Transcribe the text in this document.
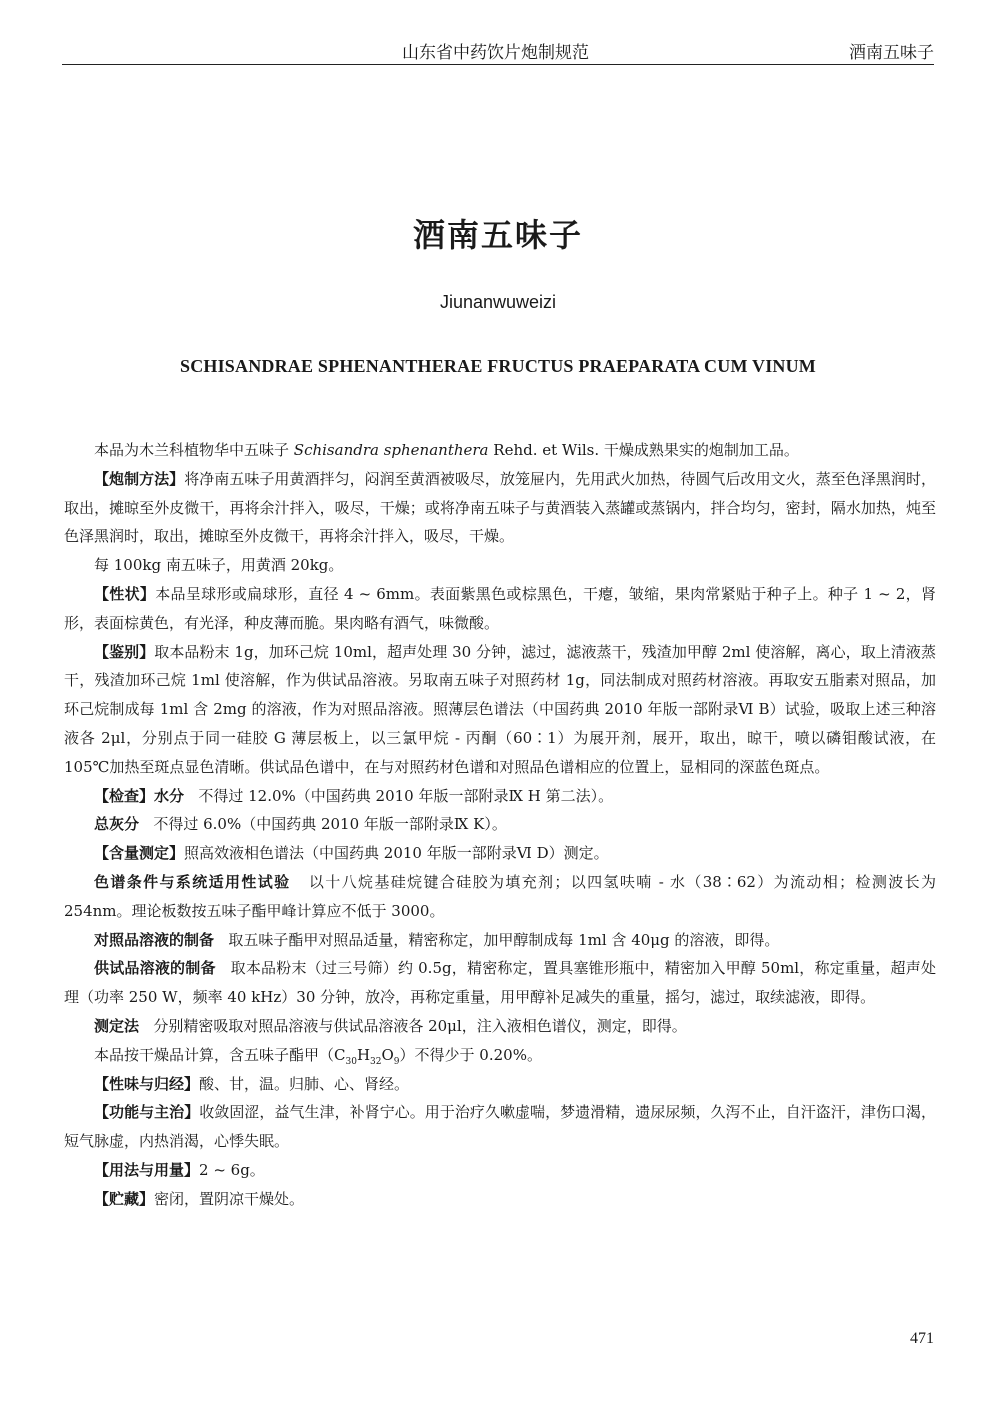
山东省中药饮片炮制规范	酒南五味子
酒南五味子
Jiunanwuweizi
SCHISANDRAE SPHENANTHERAE FRUCTUS PRAEPARATA CUM VINUM

本品为木兰科植物华中五味子 Schisandra sphenanthera Rehd. et Wils. 干燥成熟果实的炮制加工品。

【炮制方法】将净南五味子用黄酒拌匀，闷润至黄酒被吸尽，放笼屉内，先用武火加热，待圆气后改用文火，蒸至色泽黑润时，取出，摊晾至外皮微干，再将余汁拌入，吸尽，干燥；或将净南五味子与黄酒装入蒸罐或蒸锅内，拌合均匀，密封，隔水加热，炖至色泽黑润时，取出，摊晾至外皮微干，再将余汁拌入，吸尽，干燥。

每 100kg 南五味子，用黄酒 20kg。

【性状】本品呈球形或扁球形，直径 4 ~ 6mm。表面紫黑色或棕黑色，干瘪，皱缩，果肉常紧贴于种子上。种子 1 ~ 2，肾形，表面棕黄色，有光泽，种皮薄而脆。果肉略有酒气，味微酸。

【鉴别】取本品粉末 1g，加环己烷 10ml，超声处理 30 分钟，滤过，滤液蒸干，残渣加甲醇 2ml 使溶解，离心，取上清液蒸干，残渣加环己烷 1ml 使溶解，作为供试品溶液。另取南五味子对照药材 1g，同法制成对照药材溶液。再取安五脂素对照品，加环己烷制成每 1ml 含 2mg 的溶液，作为对照品溶液。照薄层色谱法（中国药典 2010 年版一部附录Ⅵ B）试验，吸取上述三种溶液各 2μl，分别点于同一硅胶 G 薄层板上，以三氯甲烷 - 丙酮（60∶1）为展开剂，展开，取出，晾干，喷以磷钼酸试液，在 105℃加热至斑点显色清晰。供试品色谱中，在与对照药材色谱和对照品色谱相应的位置上，显相同的深蓝色斑点。

【检查】水分 不得过 12.0%（中国药典 2010 年版一部附录Ⅸ H 第二法）。

总灰分 不得过 6.0%（中国药典 2010 年版一部附录Ⅸ K）。

【含量测定】照高效液相色谱法（中国药典 2010 年版一部附录Ⅵ D）测定。

色谱条件与系统适用性试验 以十八烷基硅烷键合硅胶为填充剂；以四氢呋喃 - 水（38∶62）为流动相；检测波长为 254nm。理论板数按五味子酯甲峰计算应不低于 3000。

对照品溶液的制备 取五味子酯甲对照品适量，精密称定，加甲醇制成每 1ml 含 40μg 的溶液，即得。

供试品溶液的制备 取本品粉末（过三号筛）约 0.5g，精密称定，置具塞锥形瓶中，精密加入甲醇 50ml，称定重量，超声处理（功率 250 W，频率 40 kHz）30 分钟，放冷，再称定重量，用甲醇补足减失的重量，摇匀，滤过，取续滤液，即得。

测定法 分别精密吸取对照品溶液与供试品溶液各 20μl，注入液相色谱仪，测定，即得。

本品按干燥品计算，含五味子酯甲$(C_{30}H_{32}O_9)$不得少于 0.20%。

【性味与归经】酸、甘，温。归肺、心、肾经。

【功能与主治】收敛固涩，益气生津，补肾宁心。用于治疗久嗽虚喘，梦遗滑精，遗尿尿频，久泻不止，自汗盗汗，津伤口渴，短气脉虚，内热消渴，心悸失眠。

【用法与用量】2 ~ 6g。

【贮藏】密闭，置阴凉干燥处。

471
